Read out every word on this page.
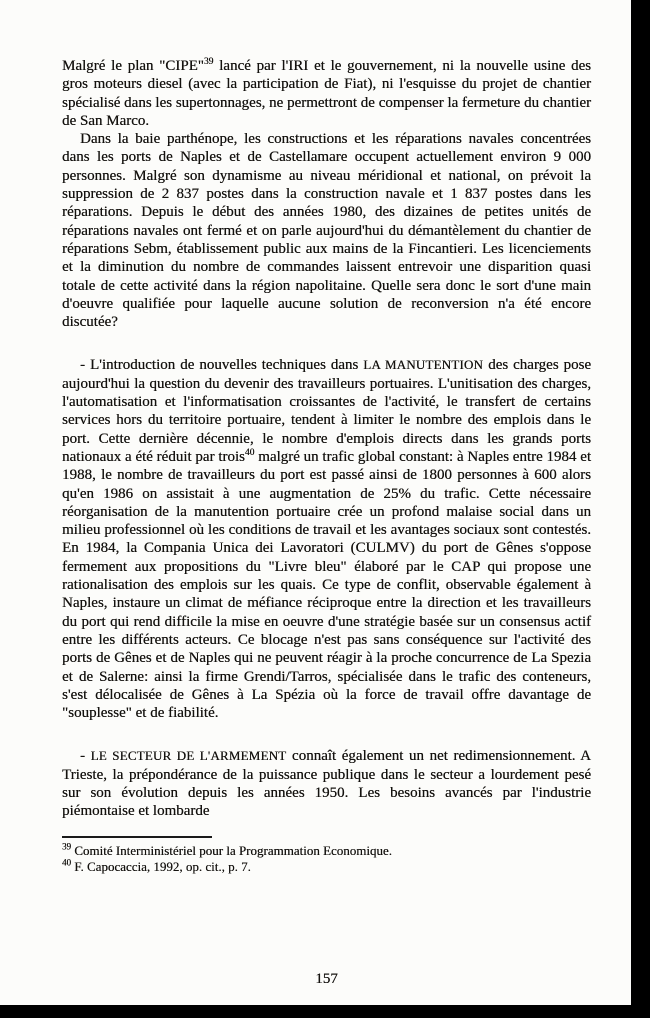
Malgré le plan "CIPE"$^{39}$ lancé par l'IRI et le gouvernement, ni la nouvelle usine des gros moteurs diesel (avec la participation de Fiat), ni l'esquisse du projet de chantier spécialisé dans les supertonnages, ne permettront de compenser la fermeture du chantier de San Marco.

Dans la baie parthénope, les constructions et les réparations navales concentrées dans les ports de Naples et de Castellamare occupent actuellement environ 9 000 personnes. Malgré son dynamisme au niveau méridional et national, on prévoit la suppression de 2 837 postes dans la construction navale et 1 837 postes dans les réparations. Depuis le début des années 1980, des dizaines de petites unités de réparations navales ont fermé et on parle aujourd'hui du démantèlement du chantier de réparations Sebm, établissement public aux mains de la Fincantieri. Les licenciements et la diminution du nombre de commandes laissent entrevoir une disparition quasi totale de cette activité dans la région napolitaine. Quelle sera donc le sort d'une main d'oeuvre qualifiée pour laquelle aucune solution de reconversion n'a été encore discutée?

- L'introduction de nouvelles techniques dans LA MANUTENTION des charges pose aujourd'hui la question du devenir des travailleurs portuaires. L'unitisation des charges, l'automatisation et l'informatisation croissantes de l'activité, le transfert de certains services hors du territoire portuaire, tendent à limiter le nombre des emplois dans le port. Cette dernière décennie, le nombre d'emplois directs dans les grands ports nationaux a été réduit par trois$^{40}$ malgré un trafic global constant: à Naples entre 1984 et 1988, le nombre de travailleurs du port est passé ainsi de 1800 personnes à 600 alors qu'en 1986 on assistait à une augmentation de 25% du trafic. Cette nécessaire réorganisation de la manutention portuaire crée un profond malaise social dans un milieu professionnel où les conditions de travail et les avantages sociaux sont contestés. En 1984, la Compania Unica dei Lavoratori (CULMV) du port de Gênes s'oppose fermement aux propositions du "Livre bleu" élaboré par le CAP qui propose une rationalisation des emplois sur les quais. Ce type de conflit, observable également à Naples, instaure un climat de méfiance réciproque entre la direction et les travailleurs du port qui rend difficile la mise en oeuvre d'une stratégie basée sur un consensus actif entre les différents acteurs. Ce blocage n'est pas sans conséquence sur l'activité des ports de Gênes et de Naples qui ne peuvent réagir à la proche concurrence de La Spezia et de Salerne: ainsi la firme Grendi/Tarros, spécialisée dans le trafic des conteneurs, s'est délocalisée de Gênes à La Spézia où la force de travail offre davantage de "souplesse" et de fiabilité.

- LE SECTEUR DE L'ARMEMENT connaît également un net redimensionnement. A Trieste, la prépondérance de la puissance publique dans le secteur a lourdement pesé sur son évolution depuis les années 1950. Les besoins avancés par l'industrie piémontaise et lombarde

$^{39}$ Comité Interministériel pour la Programmation Economique.

$^{40}$ F. Capocaccia, 1992, op. cit., p. 7.

157
